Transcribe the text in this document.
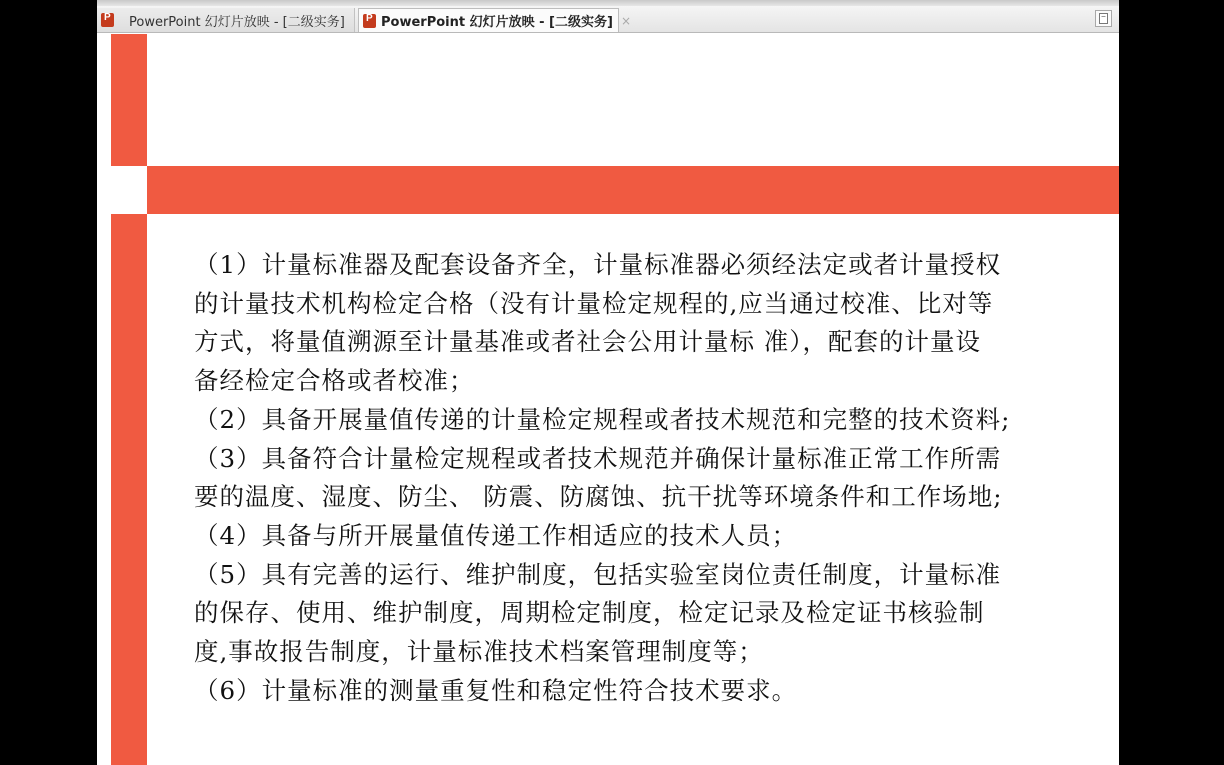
P
PowerPoint 幻灯片放映 - [二级实务]
P	PowerPoint 幻灯片放映 - [二级实务] ×

（1）计量标准器及配套设备齐全，计量标准器必须经法定或者计量授权
的计量技术机构检定合格（没有计量检定规程的,应当通过校准、比对等
方式，将量值溯源至计量基准或者社会公用计量标 准），配套的计量设
备经检定合格或者校准；

（2）具备开展量值传递的计量检定规程或者技术规范和完整的技术资料;

（3）具备符合计量检定规程或者技术规范并确保计量标准正常工作所需
要的温度、湿度、防尘、 防震、防腐蚀、抗干扰等环境条件和工作场地;

（4）具备与所开展量值传递工作相适应的技术人员；

（5）具有完善的运行、维护制度，包括实验室岗位责任制度，计量标准
的保存、使用、维护制度，周期检定制度，检定记录及检定证书核验制
度,事故报告制度，计量标准技术档案管理制度等；

（6）计量标准的测量重复性和稳定性符合技术要求。
